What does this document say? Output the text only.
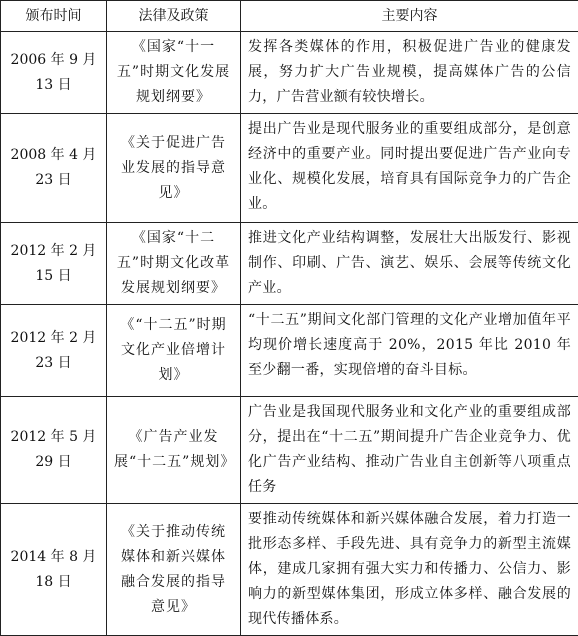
颁布时间	法律及政策	主要内容
2006 年 9 月 13 日	《国家“十一五”时期文化发展规划纲要》	发挥各类媒体的作用，积极促进广告业的健康发展，努力扩大广告业规模，提高媒体广告的公信力，广告营业额有较快增长。
2008 年 4 月 23 日	《关于促进广告业发展的指导意见》	提出广告业是现代服务业的重要组成部分，是创意经济中的重要产业。同时提出要促进广告产业向专业化、规模化发展，培育具有国际竞争力的广告企业。
2012 年 2 月 15 日	《国家“十二五”时期文化改革发展规划纲要》	推进文化产业结构调整，发展壮大出版发行、影视制作、印刷、广告、演艺、娱乐、会展等传统文化产业。
2012 年 2 月 23 日	《“十二五”时期文化产业倍增计划》	“十二五”期间文化部门管理的文化产业增加值年平均现价增长速度高于 20%，2015 年比 2010 年至少翻一番，实现倍增的奋斗目标。
2012 年 5 月 29 日	《广告产业发展“十二五”规划》	广告业是我国现代服务业和文化产业的重要组成部分，提出在“十二五”期间提升广告企业竞争力、优化广告产业结构、推动广告业自主创新等八项重点任务
2014 年 8 月 18 日	《关于推动传统媒体和新兴媒体融合发展的指导意见》	要推动传统媒体和新兴媒体融合发展，着力打造一批形态多样、手段先进、具有竞争力的新型主流媒体，建成几家拥有强大实力和传播力、公信力、影响力的新型媒体集团，形成立体多样、融合发展的现代传播体系。
